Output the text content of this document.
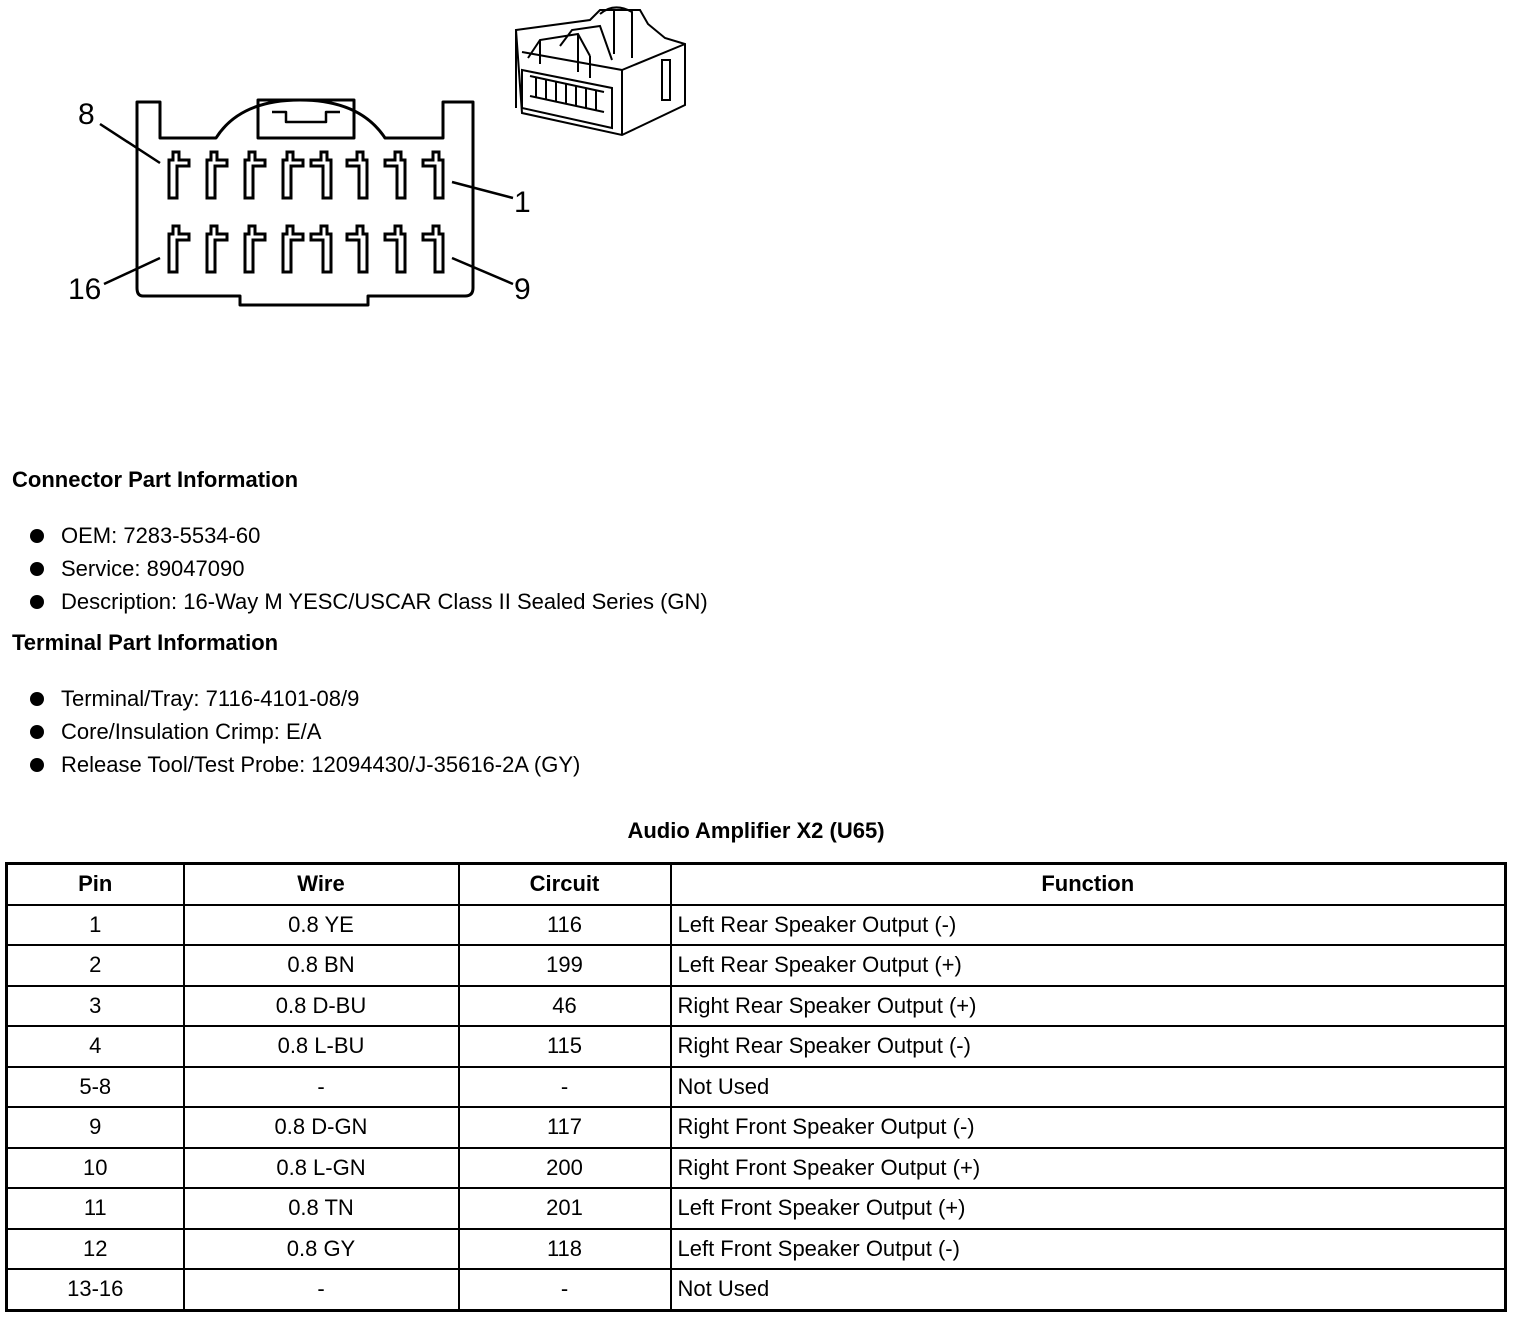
8
1
16	9
Connector Part Information
OEM: 7283-5534-60
Service: 89047090
Description: 16-Way M YESC/USCAR Class II Sealed Series (GN)
Terminal Part Information
Terminal/Tray: 7116-4101-08/9
Core/Insulation Crimp: E/A
Release Tool/Test Probe: 12094430/J-35616-2A (GY)
Audio Amplifier X2 (U65)
Pin	Wire	Circuit	Function
1	0.8 YE	116	Left Rear Speaker Output (-)
2	0.8 BN	199	Left Rear Speaker Output (+)
3	0.8 D-BU	46	Right Rear Speaker Output (+)
4	0.8 L-BU	115	Right Rear Speaker Output (-)
5-8	-	-	Not Used
9	0.8 D-GN	117	Right Front Speaker Output (-)
10	0.8 L-GN	200	Right Front Speaker Output (+)
11	0.8 TN	201	Left Front Speaker Output (+)
12	0.8 GY	118	Left Front Speaker Output (-)
13-16	-	-	Not Used
